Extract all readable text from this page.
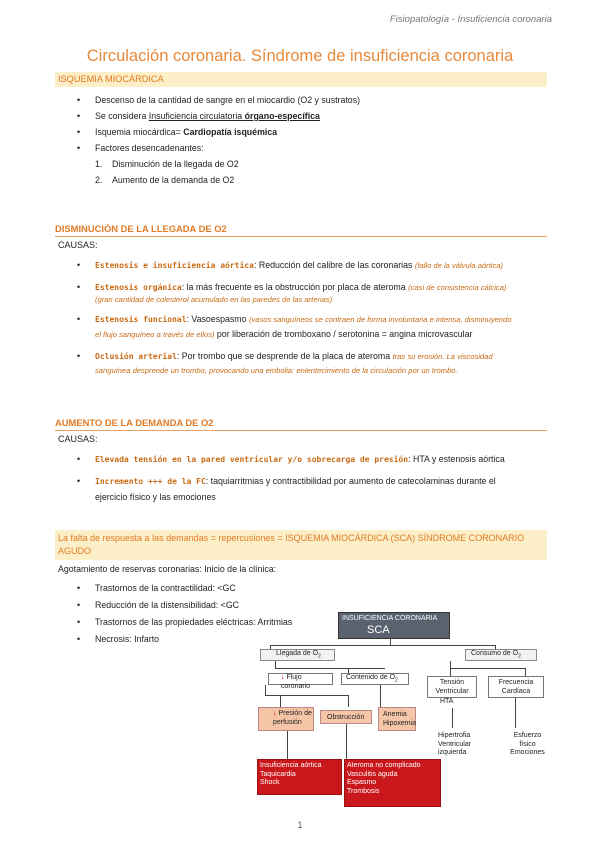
Fisiopatología - Insuficiencia coronaria
Circulación coronaria. Síndrome de insuficiencia coronaria
ISQUEMIA MIOCÁRDICA
• Descenso de la cantidad de sangre en el miocardio (O2 y sustratos)
• Se considera Insuficiencia circulatoria órgano-específica
• Isquemia miocárdica= Cardiopatía isquémica
• Factores desencadenantes:
1. Disminución de la llegada de O2
2. Aumento de la demanda de O2
DISMINUCIÓN DE LA LLEGADA DE O2
CAUSAS:
• Estenosis e insuficiencia aórtica: Reducción del calibre de las coronarias (fallo de la válvula aórtica)
• Estenosis orgánica: la más frecuente es la obstrucción por placa de ateroma (casi de consistencia cálcica)
(gran cantidad de colesterol acumulado en las paredes de las arterias)
• Estenosis funcional: Vasoespasmo (vasos sanguíneos se contraen de forma involuntaria e intensa, disminuyendo
el flujo sanguíneo a través de ellos) por liberación de tromboxano / serotonina = angina microvascular
• Oclusión arterial: Por trombo que se desprende de la placa de ateroma tras su erosión. La viscosidad
sanguínea desprende un trombo, provocando una embolia: enlentecimiento de la circulación por un trombo.
AUMENTO DE LA DEMANDA DE O2
CAUSAS:
• Elevada tensión en la pared ventricular y/o sobrecarga de presión: HTA y estenosis aórtica
• Incremento +++ de la FC: taquiarritmias y contractibilidad por aumento de catecolaminas durante el
ejercicio físico y las emociones
La falta de respuesta a las demandas = repercusiones = ISQUEMIA MIOCÁRDICA (SCA) SÍNDROME CORONARIO
AGUDO
Agotamiento de reservas coronarias: Inicio de la clínica:
• Trastornos de la contractilidad: <GC
• Reducción de la distensibilidad: <GC
• Trastornos de las propiedades eléctricas: Arritmias
• Necrosis: Infarto
INSUFICIENCIA CORONARIA
SCA
Llegada de $O_2$	Consumo de $O_2$
↓ Flujo coronario
Contenido de $O_2$	Tensión
Ventricular
Frecuencia
Cardíaca
HTA
↓ Presión de
perfusión
Obstrucción	Anemia
Hipoxemia
Hipertrofia
Ventricular
izquierda
Esfuerzo
físico
Emociones
Insuficiencia aórtica
Taquicardia
Shock
Ateroma no complicado
Vasculitis aguda
Espasmo
Trombosis
1
